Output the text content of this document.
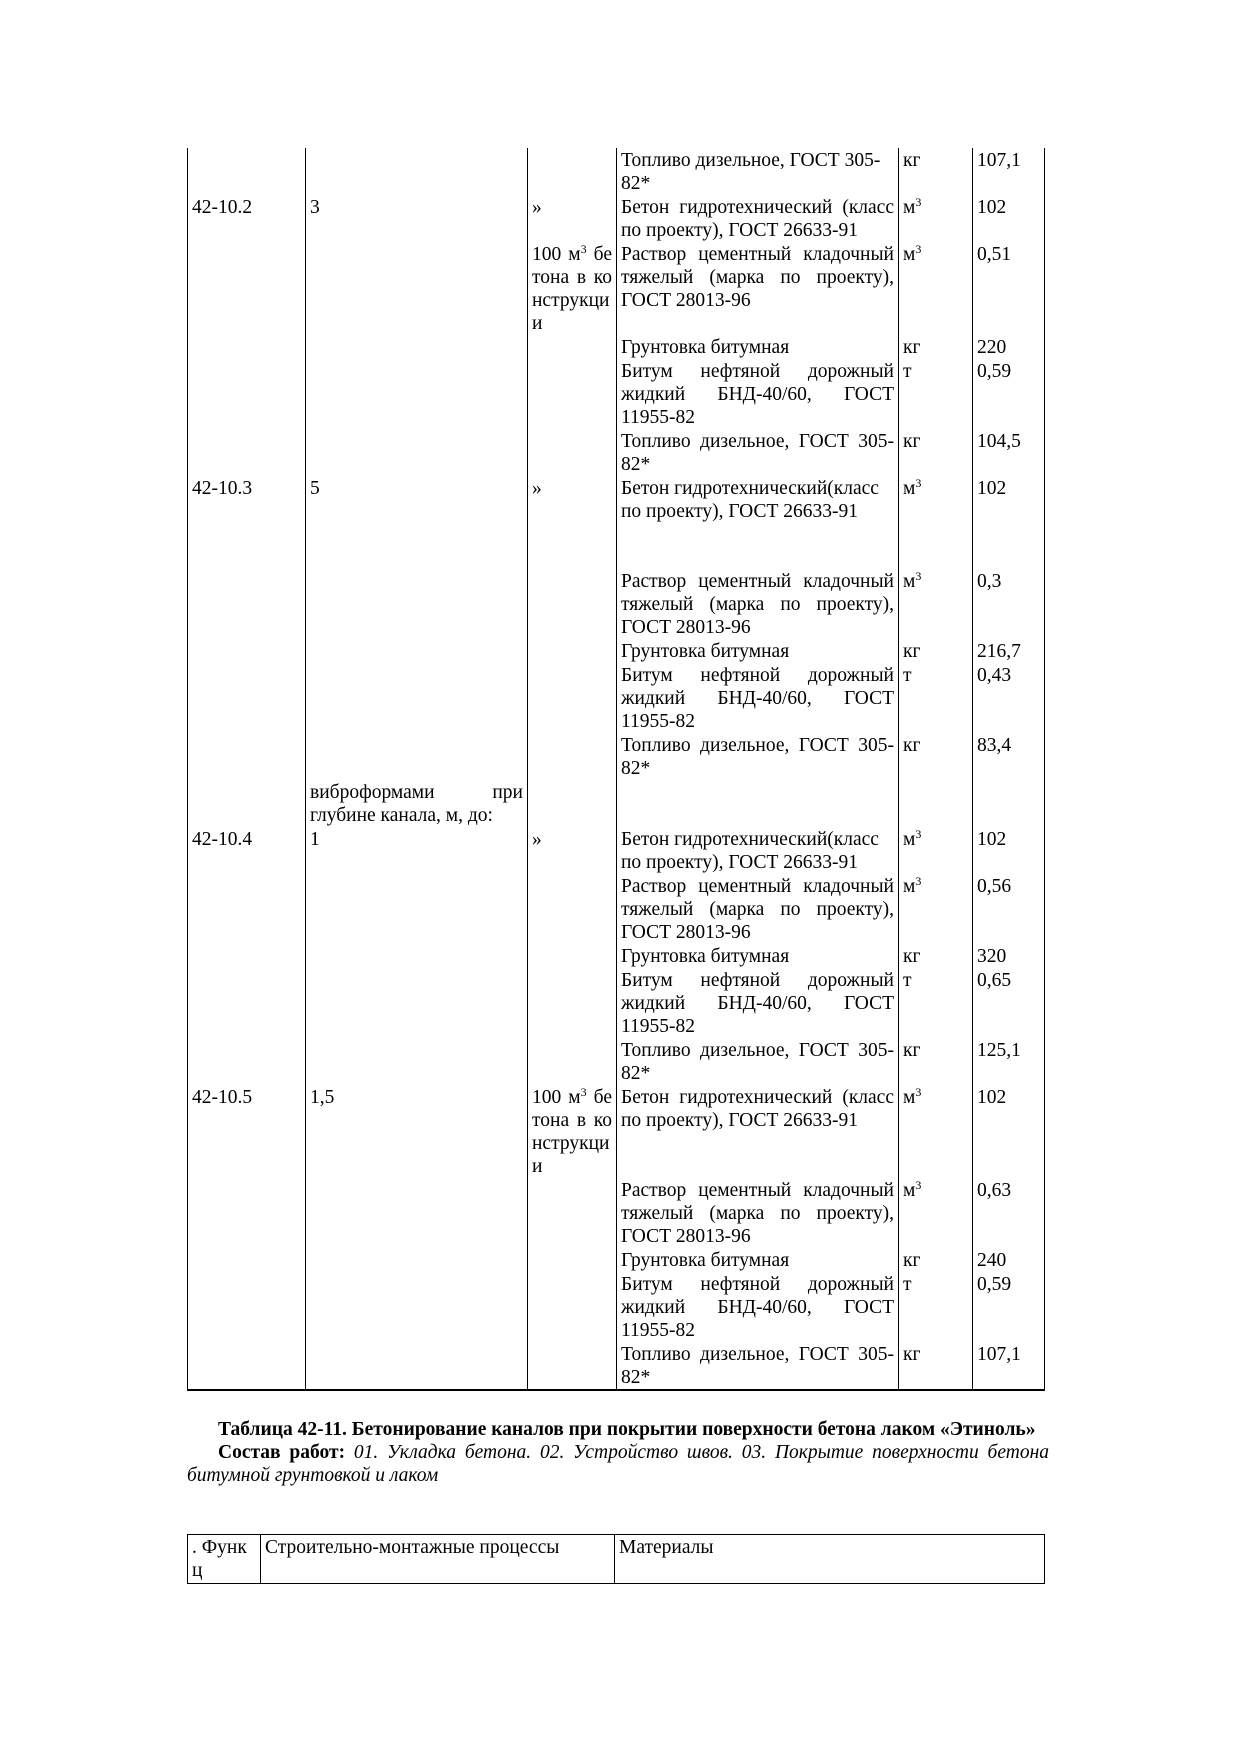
			Топливо дизельное, ГОСТ 305-82*	кг	107,1
42-10.2	3	»	Бетон гидротехнический (класс по проекту), ГОСТ 26633-91	$м^3$	102
		100 $м^3$ бетона в конструкции	Раствор цементный кладочный тяжелый (марка по проекту), ГОСТ 28013-96	$м^3$	0,51
			Грунтовка битумная	кг	220
			Битум нефтяной дорожный жидкий БНД-40/60, ГОСТ 11955-82	т	0,59
			Топливо дизельное, ГОСТ 305-82*	кг	104,5
42-10.3	5	»	Бетон гидротехнический(класс по проекту), ГОСТ 26633-91	$м^3$	102
			Раствор цементный кладочный тяжелый (марка по проекту), ГОСТ 28013-96	$м^3$	0,3
			Грунтовка битумная	кг	216,7
			Битум нефтяной дорожный жидкий БНД-40/60, ГОСТ 11955-82	т	0,43
			Топливо дизельное, ГОСТ 305-82*	кг	83,4
	виброформами при глубине канала, м, до:				
42-10.4	1	»	Бетон гидротехнический(класс по проекту), ГОСТ 26633-91	$м^3$	102
			Раствор цементный кладочный тяжелый (марка по проекту), ГОСТ 28013-96	$м^3$	0,56
			Грунтовка битумная	кг	320
			Битум нефтяной дорожный жидкий БНД-40/60, ГОСТ 11955-82	т	0,65
			Топливо дизельное, ГОСТ 305-82*	кг	125,1
42-10.5	1,5	100 $м^3$ бетона в конструкции	Бетон гидротехнический (класс по проекту), ГОСТ 26633-91	$м^3$	102
			Раствор цементный кладочный тяжелый (марка по проекту), ГОСТ 28013-96	$м^3$	0,63
			Грунтовка битумная	кг	240
			Битум нефтяной дорожный жидкий БНД-40/60, ГОСТ 11955-82	т	0,59
			Топливо дизельное, ГОСТ 305-82*	кг	107,1

Таблица 42-11. Бетонирование каналов при покрытии поверхности бетона лаком «Этиноль»

Состав работ: 01. Укладка бетона. 02. Устройство швов. 03. Покрытие поверхности бетона битумной грунтовкой и лаком

. Функц	Строительно-монтажные процессы	Материалы
